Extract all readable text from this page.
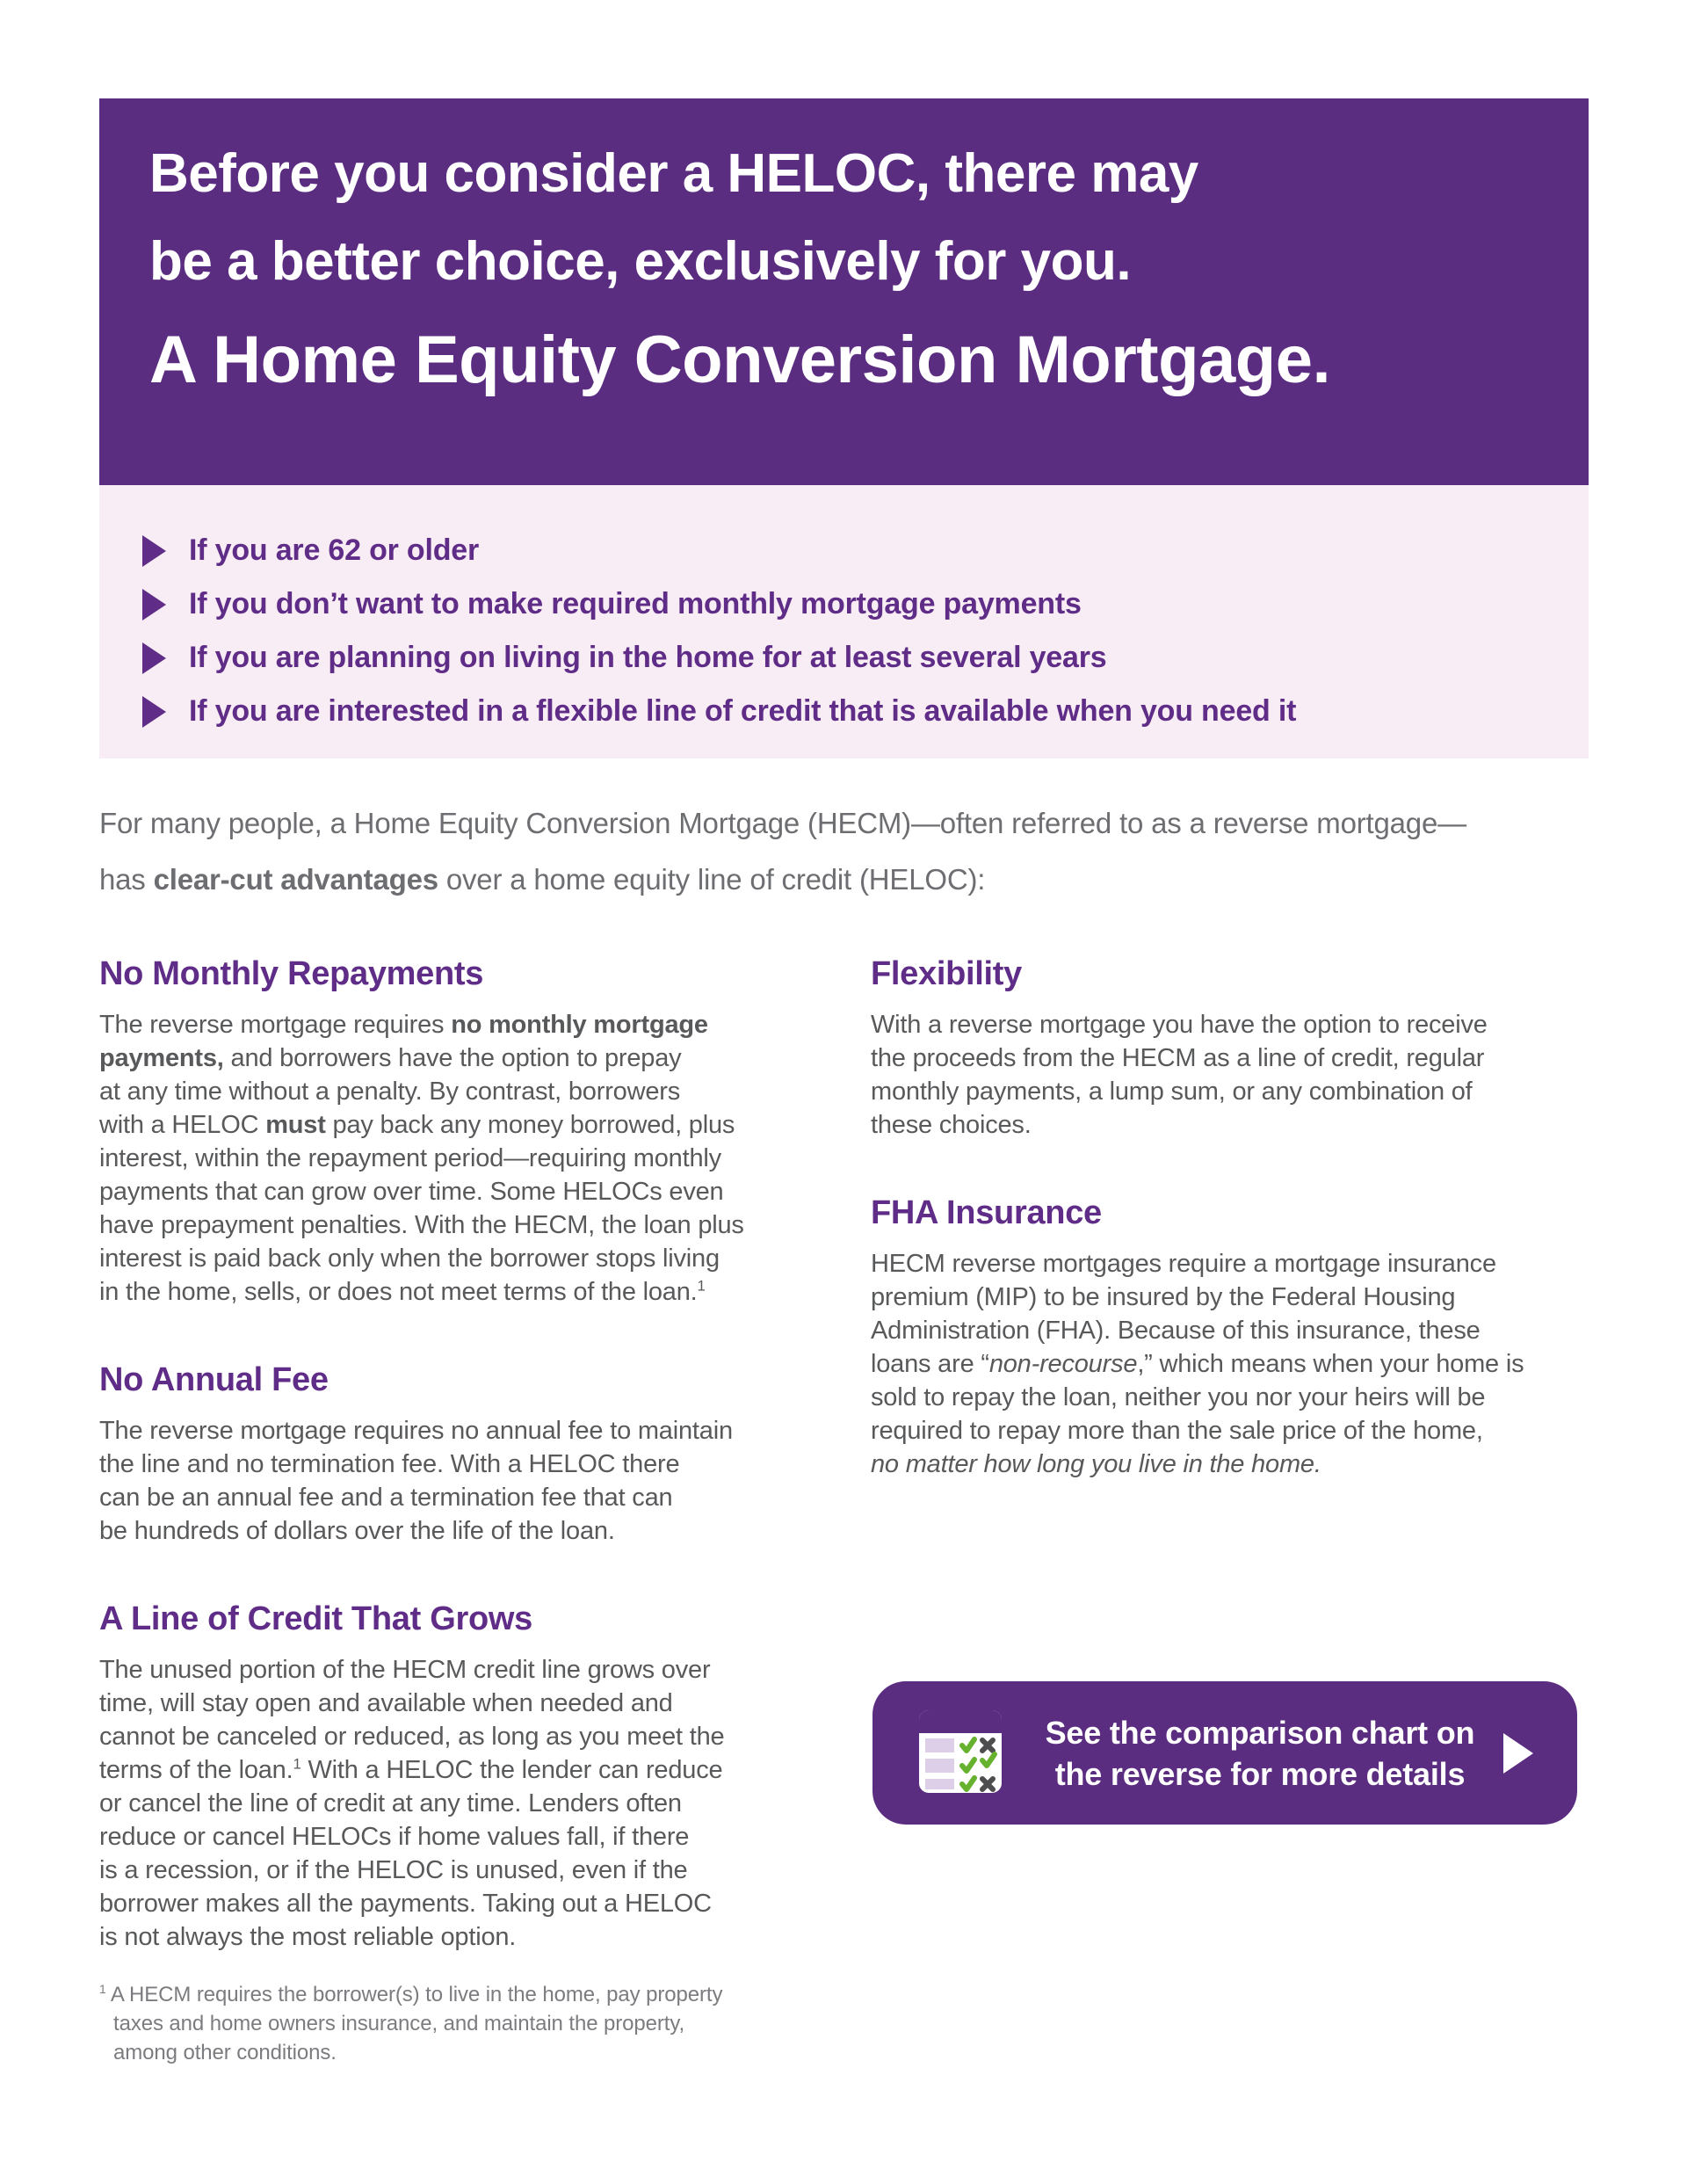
Before you consider a HELOC, there may
be a better choice, exclusively for you.
A Home Equity Conversion Mortgage.
If you are 62 or older
If you don’t want to make required monthly mortgage payments
If you are planning on living in the home for at least several years
If you are interested in a flexible line of credit that is available when you need it
For many people, a Home Equity Conversion Mortgage (HECM)—often referred to as a reverse mortgage—
has clear-cut advantages over a home equity line of credit (HELOC):
No Monthly Repayments
The reverse mortgage requires no monthly mortgage
payments, and borrowers have the option to prepay
at any time without a penalty. By contrast, borrowers
with a HELOC must pay back any money borrowed, plus
interest, within the repayment period—requiring monthly
payments that can grow over time. Some HELOCs even
have prepayment penalties. With the HECM, the loan plus
interest is paid back only when the borrower stops living
in the home, sells, or does not meet terms of the loan.$^1$
No Annual Fee
The reverse mortgage requires no annual fee to maintain
the line and no termination fee. With a HELOC there
can be an annual fee and a termination fee that can
be hundreds of dollars over the life of the loan.
A Line of Credit That Grows
The unused portion of the HECM credit line grows over
time, will stay open and available when needed and
cannot be canceled or reduced, as long as you meet the
terms of the loan.$^1$ With a HELOC the lender can reduce
or cancel the line of credit at any time. Lenders often
reduce or cancel HELOCs if home values fall, if there
is a recession, or if the HELOC is unused, even if the
borrower makes all the payments. Taking out a HELOC
is not always the most reliable option.
$^1$ A HECM requires the borrower(s) to live in the home, pay property
taxes and home owners insurance, and maintain the property,
among other conditions.
Flexibility
With a reverse mortgage you have the option to receive
the proceeds from the HECM as a line of credit, regular
monthly payments, a lump sum, or any combination of
these choices.
FHA Insurance
HECM reverse mortgages require a mortgage insurance
premium (MIP) to be insured by the Federal Housing
Administration (FHA). Because of this insurance, these
loans are “non-recourse,” which means when your home is
sold to repay the loan, neither you nor your heirs will be
required to repay more than the sale price of the home,
no matter how long you live in the home.
See the comparison chart on the reverse for more details
